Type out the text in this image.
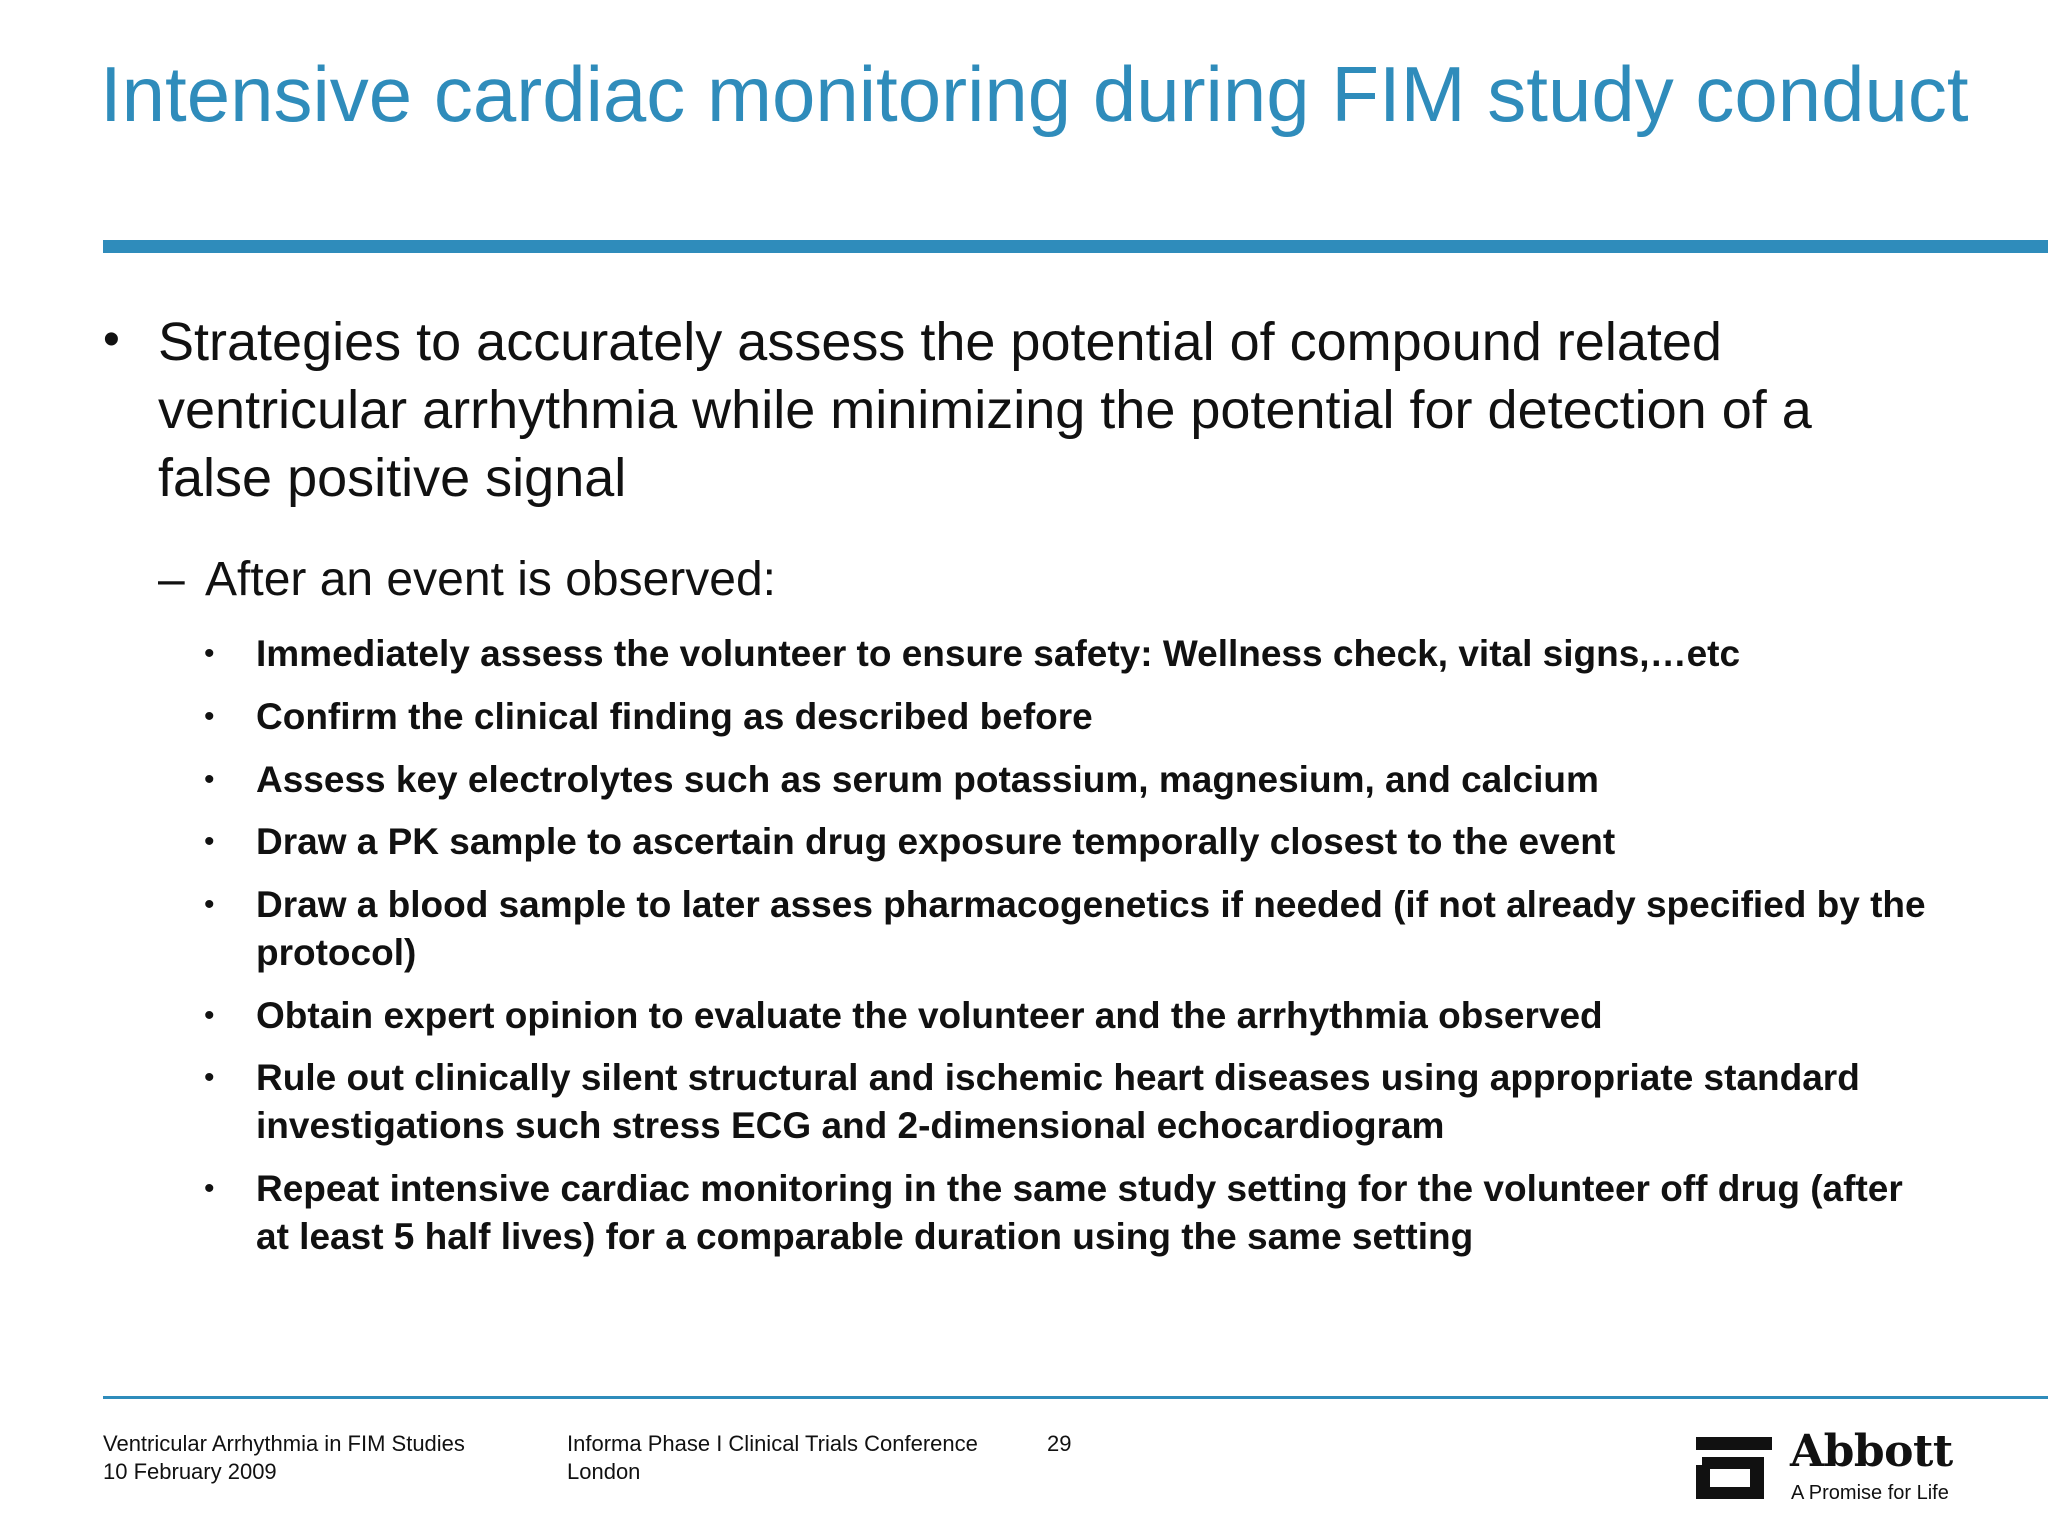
Intensive cardiac monitoring during FIM study conduct
• Strategies to accurately assess the potential of compound related ventricular arrhythmia while minimizing the potential for detection of a false positive signal
– After an event is observed:
• Immediately assess the volunteer to ensure safety: Wellness check, vital signs,…etc
• Confirm the clinical finding as described before
• Assess key electrolytes such as serum potassium, magnesium, and calcium
• Draw a PK sample to ascertain drug exposure temporally closest to the event
• Draw a blood sample to later asses pharmacogenetics if needed (if not already specified by the protocol)
• Obtain expert opinion to evaluate the volunteer and the arrhythmia observed
• Rule out clinically silent structural and ischemic heart diseases using appropriate standard investigations such stress ECG and 2-dimensional echocardiogram
• Repeat intensive cardiac monitoring in the same study setting for the volunteer off drug (after at least 5 half lives) for a comparable duration using the same setting
Ventricular Arrhythmia in FIM Studies
10 February 2009
Informa Phase I Clinical Trials Conference
London
29	Abbott
A Promise for Life
